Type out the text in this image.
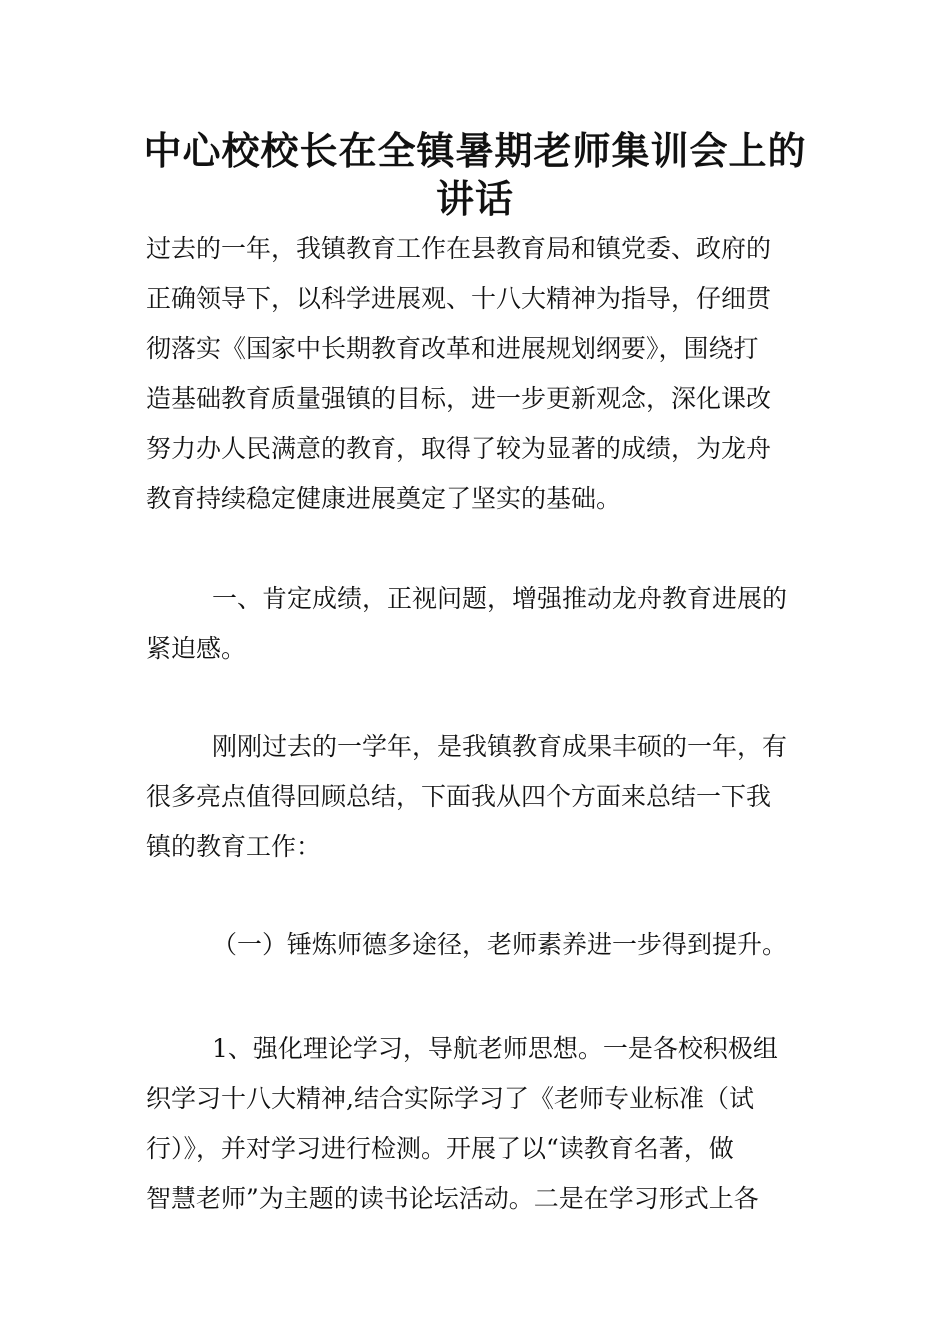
中心校校长在全镇暑期老师集训会上的
讲话

过去的一年，我镇教育工作在县教育局和镇党委、政府的
正确领导下，以科学进展观、十八大精神为指导，仔细贯
彻落实《国家中长期教育改革和进展规划纲要》，围绕打
造基础教育质量强镇的目标，进一步更新观念，深化课改
努力办人民满意的教育，取得了较为显著的成绩，为龙舟
教育持续稳定健康进展奠定了坚实的基础。

一、肯定成绩，正视问题，增强推动龙舟教育进展的
紧迫感。

刚刚过去的一学年，是我镇教育成果丰硕的一年，有
很多亮点值得回顾总结，下面我从四个方面来总结一下我
镇的教育工作：

（一）锤炼师德多途径，老师素养进一步得到提升。

1、强化理论学习，导航老师思想。一是各校积极组
织学习十八大精神,结合实际学习了《老师专业标准（试
行）》，并对学习进行检测。开展了以“读教育名著，做
智慧老师”为主题的读书论坛活动。二是在学习形式上各
